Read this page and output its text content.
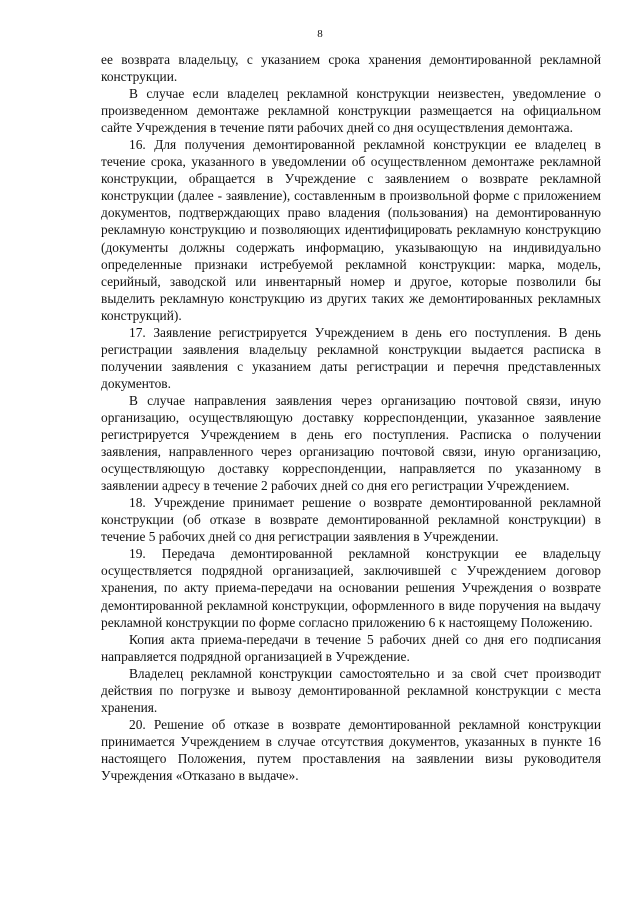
8

ее возврата владельцу, с указанием срока хранения демонтированной рекламной конструкции.

В случае если владелец рекламной конструкции неизвестен, уведомление о произведенном демонтаже рекламной конструкции размещается на официальном сайте Учреждения в течение пяти рабочих дней со дня осуществления демонтажа.

16. Для получения демонтированной рекламной конструкции ее владелец в течение срока, указанного в уведомлении об осуществленном демонтаже рекламной конструкции, обращается в Учреждение с заявлением о возврате рекламной конструкции (далее - заявление), составленным в произвольной форме с приложением документов, подтверждающих право владения (пользования) на демонтированную рекламную конструкцию и позволяющих идентифицировать рекламную конструкцию (документы должны содержать информацию, указывающую на индивидуально определенные признаки истребуемой рекламной конструкции: марка, модель, серийный, заводской или инвентарный номер и другое, которые позволили бы выделить рекламную конструкцию из других таких же демонтированных рекламных конструкций).

17. Заявление регистрируется Учреждением в день его поступления. В день регистрации заявления владельцу рекламной конструкции выдается расписка в получении заявления с указанием даты регистрации и перечня представленных документов.

В случае направления заявления через организацию почтовой связи, иную организацию, осуществляющую доставку корреспонденции, указанное заявление регистрируется Учреждением в день его поступления. Расписка о получении заявления, направленного через организацию почтовой связи, иную организацию, осуществляющую доставку корреспонденции, направляется по указанному в заявлении адресу в течение 2 рабочих дней со дня его регистрации Учреждением.

18. Учреждение принимает решение о возврате демонтированной рекламной конструкции (об отказе в возврате демонтированной рекламной конструкции) в течение 5 рабочих дней со дня регистрации заявления в Учреждении.

19. Передача демонтированной рекламной конструкции ее владельцу осуществляется подрядной организацией, заключившей с Учреждением договор хранения, по акту приема-передачи на основании решения Учреждения о возврате демонтированной рекламной конструкции, оформленного в виде поручения на выдачу рекламной конструкции по форме согласно приложению 6 к настоящему Положению.

Копия акта приема-передачи в течение 5 рабочих дней со дня его подписания направляется подрядной организацией в Учреждение.

Владелец рекламной конструкции самостоятельно и за свой счет производит действия по погрузке и вывозу демонтированной рекламной конструкции с места хранения.

20. Решение об отказе в возврате демонтированной рекламной конструкции принимается Учреждением в случае отсутствия документов, указанных в пункте 16 настоящего Положения, путем проставления на заявлении визы руководителя Учреждения «Отказано в выдаче».
